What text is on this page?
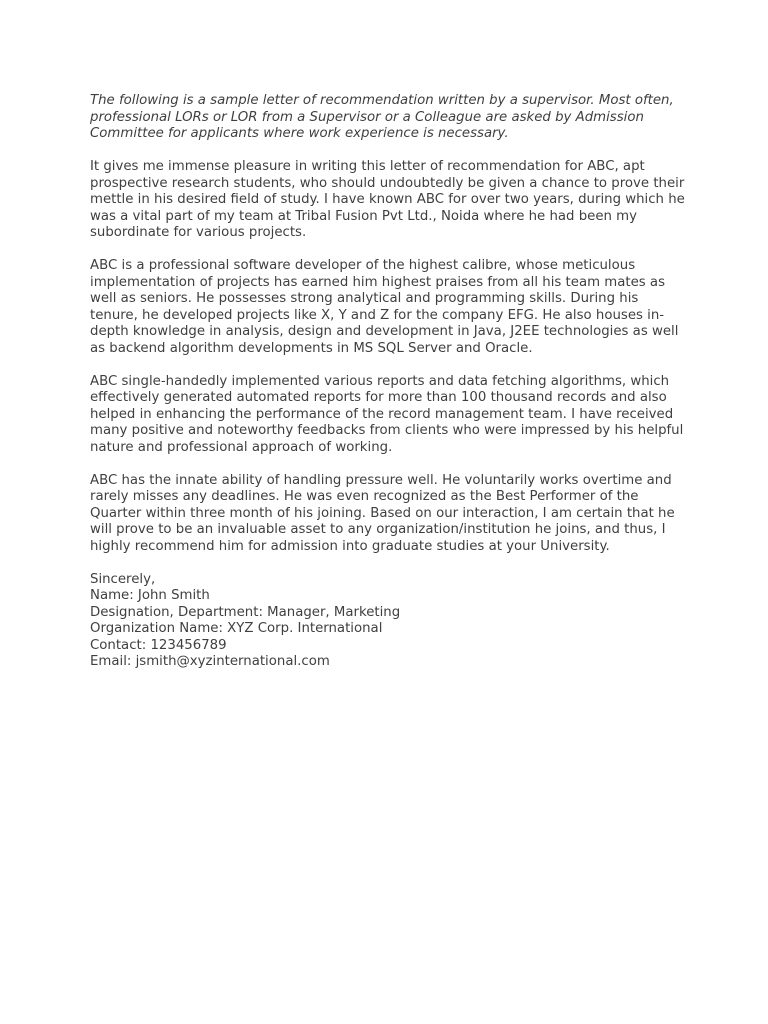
The following is a sample letter of recommendation written by a supervisor. Most often, professional LORs or LOR from a Supervisor or a Colleague are asked by Admission Committee for applicants where work experience is necessary.

It gives me immense pleasure in writing this letter of recommendation for ABC, apt prospective research students, who should undoubtedly be given a chance to prove their mettle in his desired field of study. I have known ABC for over two years, during which he was a vital part of my team at Tribal Fusion Pvt Ltd., Noida where he had been my subordinate for various projects.

ABC is a professional software developer of the highest calibre, whose meticulous implementation of projects has earned him highest praises from all his team mates as well as seniors. He possesses strong analytical and programming skills. During his tenure, he developed projects like X, Y and Z for the company EFG. He also houses in-depth knowledge in analysis, design and development in Java, J2EE technologies as well as backend algorithm developments in MS SQL Server and Oracle.

ABC single-handedly implemented various reports and data fetching algorithms, which effectively generated automated reports for more than 100 thousand records and also helped in enhancing the performance of the record management team. I have received many positive and noteworthy feedbacks from clients who were impressed by his helpful nature and professional approach of working.

ABC has the innate ability of handling pressure well. He voluntarily works overtime and rarely misses any deadlines. He was even recognized as the Best Performer of the Quarter within three month of his joining. Based on our interaction, I am certain that he will prove to be an invaluable asset to any organization/institution he joins, and thus, I highly recommend him for admission into graduate studies at your University.

Sincerely,

Name: John Smith

Designation, Department: Manager, Marketing

Organization Name: XYZ Corp. International

Contact: 123456789

Email: jsmith@xyzinternational.com
